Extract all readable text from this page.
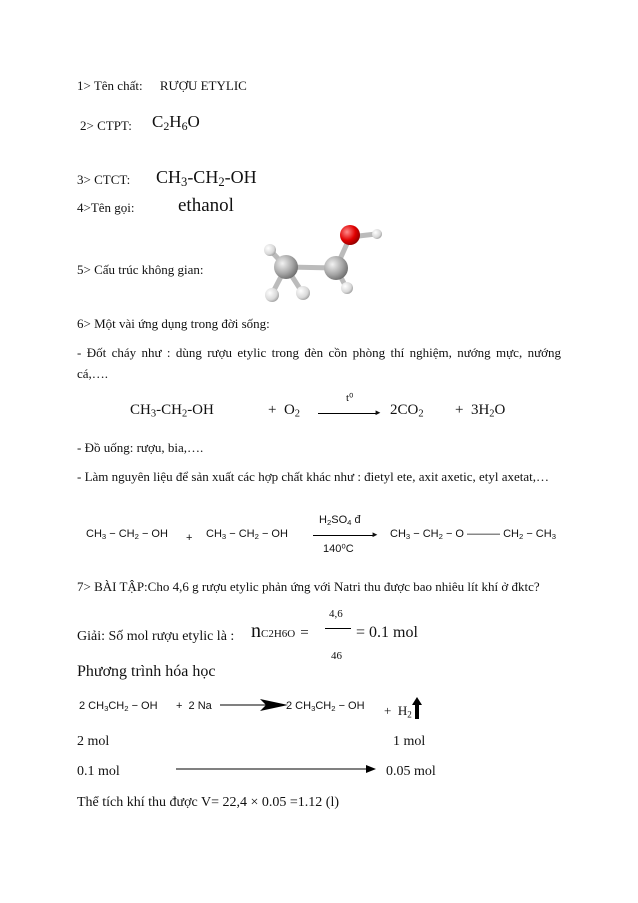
1> Tên chất: RƯỢU ETYLIC
2> CTPT: $C_2H_6O$
3> CTCT: $CH_3-CH_2-OH$
4>Tên gọi: ethanol
5> Cấu trúc không gian:
6> Một vài ứng dụng trong đời sống:
- Đốt cháy như : dùng rượu etylic trong đèn cồn phòng thí nghiệm, nướng mực, nướng cá,….
$CH_3-CH_2-OH$	+  $O_2$
t⁰
► $2CO_2 + 3H_2O$
- Đồ uống: rượu, bia,….
- Làm nguyên liệu để sản xuất các hợp chất khác như : đietyl ete, axit axetic, etyl axetat,…
$CH_3 - CH_2$ − OH + $CH_3 - CH_2$ − OH
$H_2SO_4$ đ
►
140⁰C
$CH_3 - CH_2 - O$ ——— $CH_2 - CH_3$
7> BÀI TẬP:Cho 4,6 g rượu etylic phản ứng với Natri thu được bao nhiêu lít khí ở đktc?
Giải: Số mol rượu etylic là : nC2H6O =
4,6
46
= 0.1 mol
Phương trình hóa học
2 $CH_3CH_2$ − OH +  2 Na	2 $CH_3CH_2$ − OH +  $H_2$
2 mol	1 mol
0.1 mol	0.05 mol
Thể tích khí thu được V= 22,4 × 0.05 =1.12 (l)
